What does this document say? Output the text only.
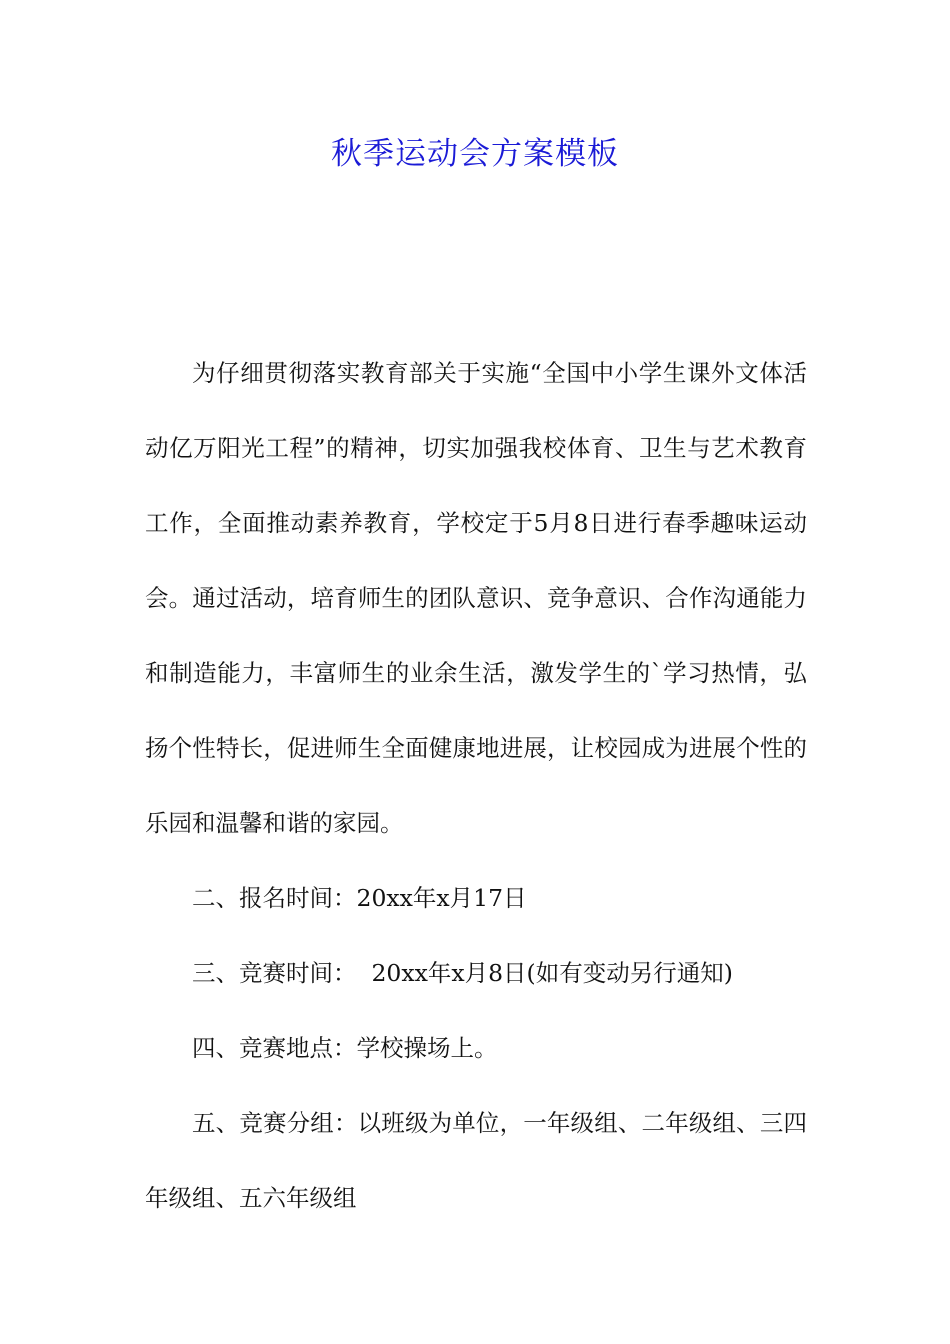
秋季运动会方案模板

为仔细贯彻落实教育部关于实施“全国中小学生课外文体活动亿万阳光工程”的精神，切实加强我校体育、卫生与艺术教育工作，全面推动素养教育，学校定于5月8日进行春季趣味运动会。通过活动，培育师生的团队意识、竞争意识、合作沟通能力和制造能力，丰富师生的业余生活，激发学生的`学习热情，弘扬个性特长，促进师生全面健康地进展，让校园成为进展个性的乐园和温馨和谐的家园。

二、报名时间：20xx年x月17日

三、竞赛时间：  20xx年x月8日(如有变动另行通知)

四、竞赛地点：学校操场上。

五、竞赛分组：以班级为单位，一年级组、二年级组、三四年级组、五六年级组
